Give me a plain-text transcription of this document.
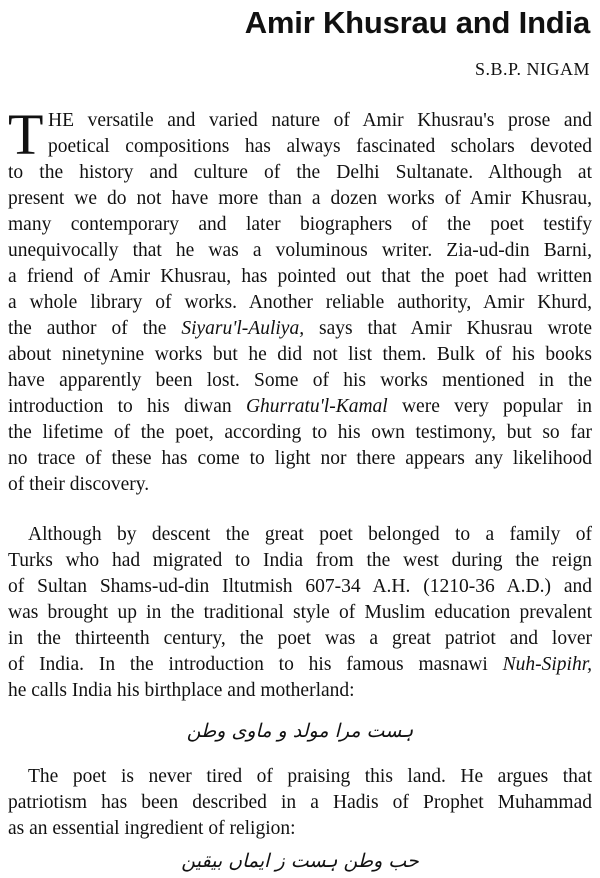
Amir Khusrau and India
S.B.P. NIGAM
T HE versatile and varied nature of Amir Khusrau's prose and
poetical compositions has always fascinated scholars devoted
to the history and culture of the Delhi Sultanate. Although at
present we do not have more than a dozen works of Amir Khusrau,
many contemporary and later biographers of the poet testify
unequivocally that he was a voluminous writer. Zia-ud-din Barni,
a friend of Amir Khusrau, has pointed out that the poet had written
a whole library of works. Another reliable authority, Amir Khurd,
the author of the Siyaru'l-Auliya, says that Amir Khusrau wrote
about ninetynine works but he did not list them. Bulk of his books
have apparently been lost. Some of his works mentioned in the
introduction to his diwan Ghurratu'l-Kamal were very popular in
the lifetime of the poet, according to his own testimony, but so far
no trace of these has come to light nor there appears any likelihood
of their discovery.
Although by descent the great poet belonged to a family of
Turks who had migrated to India from the west during the reign
of Sultan Shams-ud-din Iltutmish 607-34 A.H. (1210-36 A.D.) and
was brought up in the traditional style of Muslim education prevalent
in the thirteenth century, the poet was a great patriot and lover
of India. In the introduction to his famous masnawi Nuh-Sipihr,
he calls India his birthplace and motherland:
ہست مرا مولد و ماوی وطن
The poet is never tired of praising this land. He argues that
patriotism has been described in a Hadis of Prophet Muhammad
as an essential ingredient of religion:
حب وطن ہست ز ایماں بیقین
